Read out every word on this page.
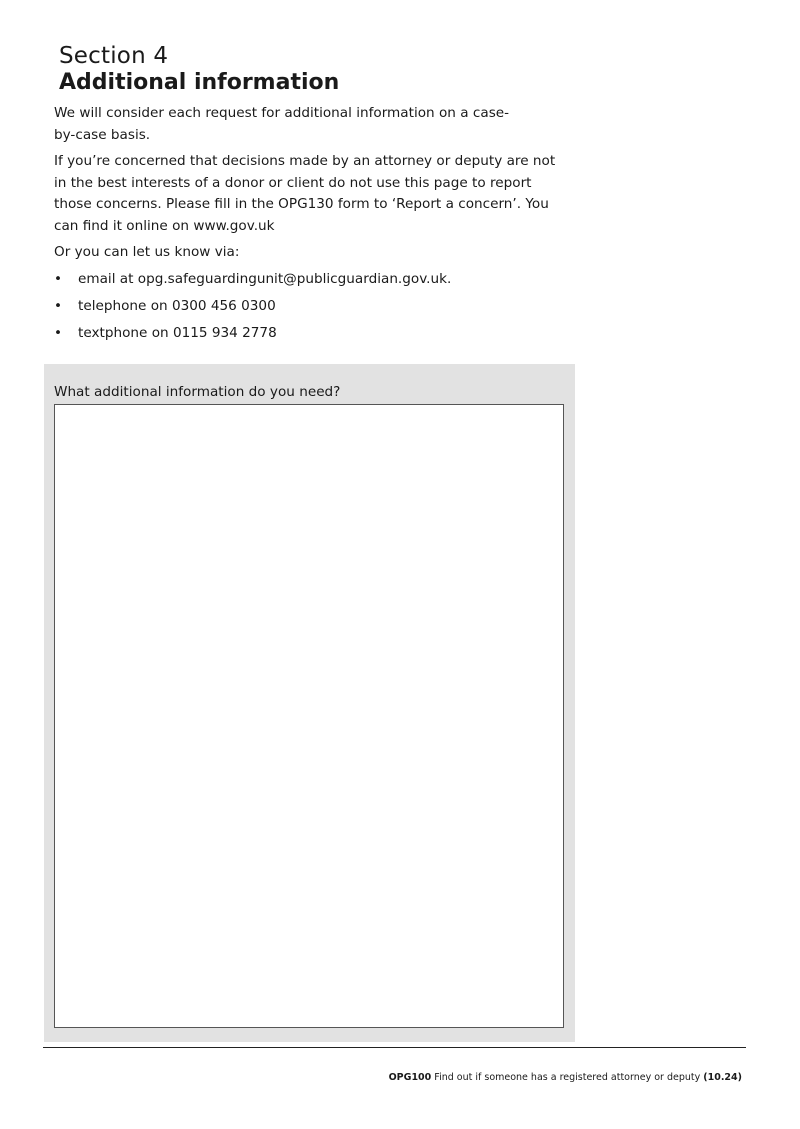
Section 4
Additional information

We will consider each request for additional information on a case-by-case basis.

If you’re concerned that decisions made by an attorney or deputy are not in the best interests of a donor or client do not use this page to report those concerns. Please fill in the OPG130 form to ‘Report a concern’. You can find it online on www.gov.uk

Or you can let us know via:

• email at opg.safeguardingunit@publicguardian.gov.uk.
• telephone on 0300 456 0300
• textphone on 0115 934 2778

What additional information do you need?

OPG100 Find out if someone has a registered attorney or deputy (10.24)
